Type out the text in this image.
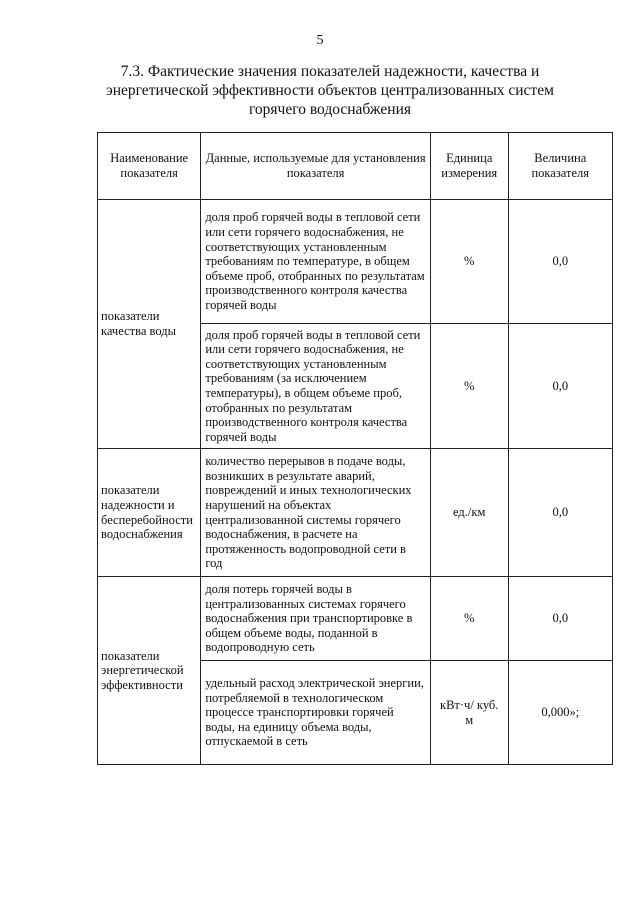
5
7.3. Фактические значения показателей надежности, качества и энергетической эффективности объектов централизованных систем горячего водоснабжения
Наименование показателя	Данные, используемые для установления показателя	Единица измерения	Величина показателя
показатели качества воды	доля проб горячей воды в тепловой сети или сети горячего водоснабжения, не соответствующих установленным требованиям по температуре, в общем объеме проб, отобранных по результатам производственного контроля качества горячей воды	%	0,0
	доля проб горячей воды в тепловой сети или сети горячего водоснабжения, не соответствующих установленным требованиям (за исключением температуры), в общем объеме проб, отобранных по результатам производственного контроля качества горячей воды	%	0,0
показатели надежности и бесперебойности водоснабжения	количество перерывов в подаче воды, возникших в результате аварий, повреждений и иных технологических нарушений на объектах централизованной системы горячего водоснабжения, в расчете на протяженность водопроводной сети в год	ед./км	0,0
показатели энергетической эффективности	доля потерь горячей воды в централизованных системах горячего водоснабжения при транспортировке в общем объеме воды, поданной в водопроводную сеть	%	0,0
	удельный расход электрической энергии, потребляемой в технологическом процессе транспортировки горячей воды, на единицу объема воды, отпускаемой в сеть	кВт·ч/ куб. м	0,000»;
